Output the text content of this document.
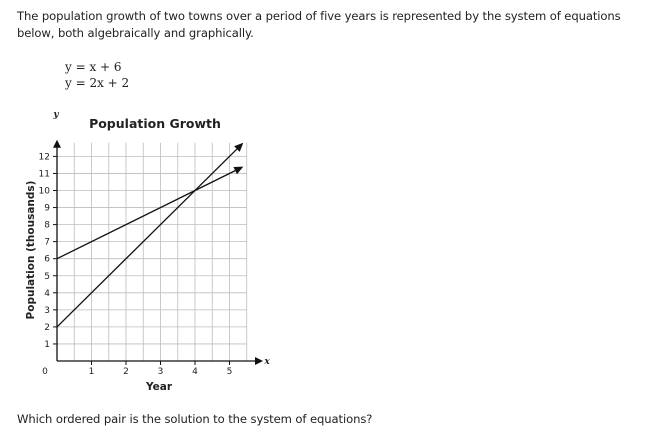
The population growth of two towns over a period of five years is represented by the system of equations below, both algebraically and graphically.
y = x + 6
y = 2x + 2
Population Growth
1
2
3
4
5
6
7
8
9
10
11
12
1	2	3	4	5
y
x
0
Year
Population (thousands)
Which ordered pair is the solution to the system of equations?
